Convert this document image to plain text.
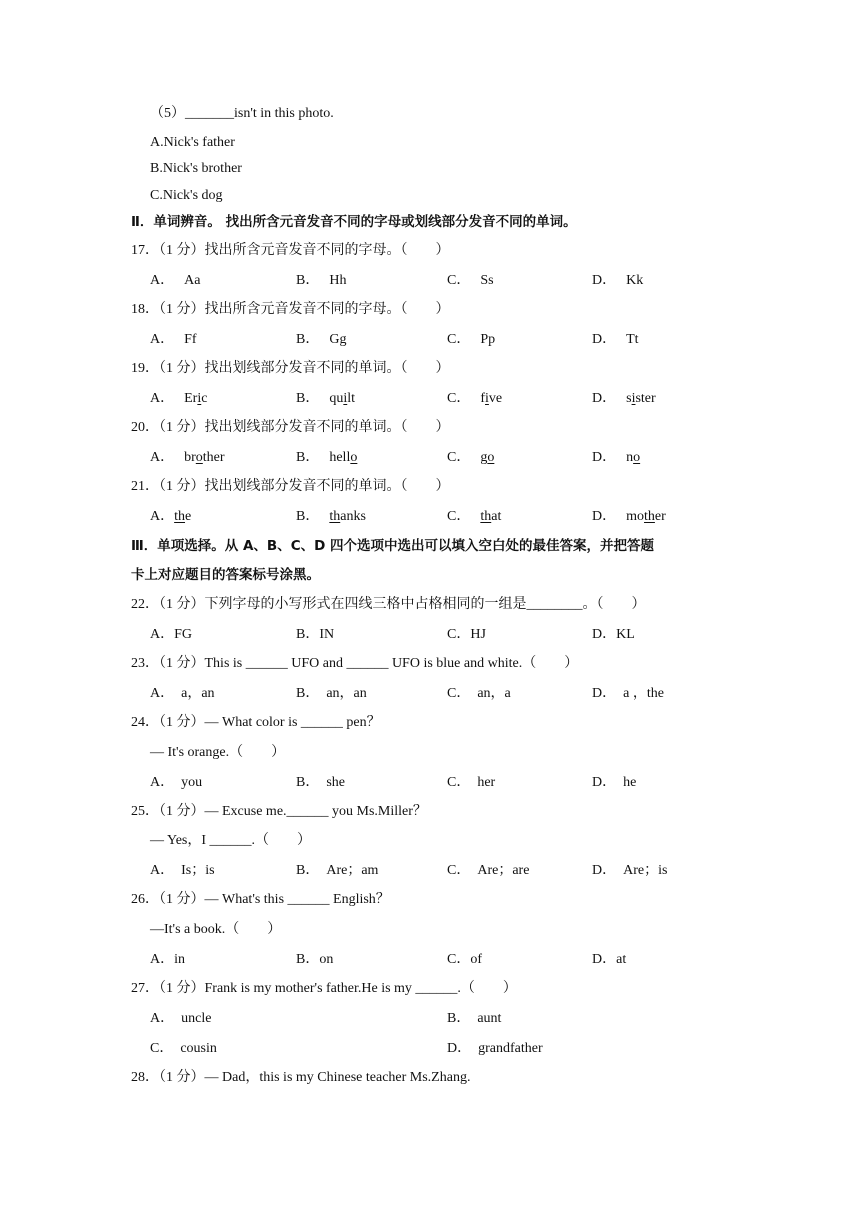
（5）_______isn't in this photo.
A.Nick's father
B.Nick's brother
C.Nick's dog
Ⅱ．单词辨音。 找出所含元音发音不同的字母或划线部分发音不同的单词。
17．（1 分）找出所含元音发音不同的字母。（　　）
A． Aa	B． Hh	C． Ss	D． Kk
18．（1 分）找出所含元音发音不同的字母。（　　）
A． Ff	B． Gg	C． Pp	D． Tt
19．（1 分）找出划线部分发音不同的单词。（　　）
A． Eric	B． quilt	C． five	D． sister
20．（1 分）找出划线部分发音不同的单词。（　　）
A． brother	B． hello	C． go	D． no
21．（1 分）找出划线部分发音不同的单词。（　　）
A．the	B． thanks	C． that	D． mother
Ⅲ．单项选择。从 A、B、C、D 四个选项中选出可以填入空白处的最佳答案，并把答题
卡上对应题目的答案标号涂黑。
22．（1 分）下列字母的小写形式在四线三格中占格相同的一组是________。（　　）
A．FG	B．IN	C．HJ	D．KL
23．（1 分）This is ______ UFO and ______ UFO is blue and white.（　　）
A．　a，an	B．　an，an	C．　an，a	D．　a ，the
24．（1 分）— What color is ______ pen？
— It's orange.（　　）
A．　you	B．　she	C．　her	D．　he
25．（1 分）— Excuse me.______ you Ms.Miller？
— Yes，I ______.（　　）
A．　Is；is	B．　Are；am	C．　Are；are	D．　Are；is
26．（1 分）— What's this ______ English？
—It's a book.（　　）
A．in	B．on	C．of	D．at
27．（1 分）Frank is my mother's father.He is my ______.（　　）
A．　uncle	B．　aunt
C．　cousin	D．　grandfather
28．（1 分）— Dad，this is my Chinese teacher Ms.Zhang.
